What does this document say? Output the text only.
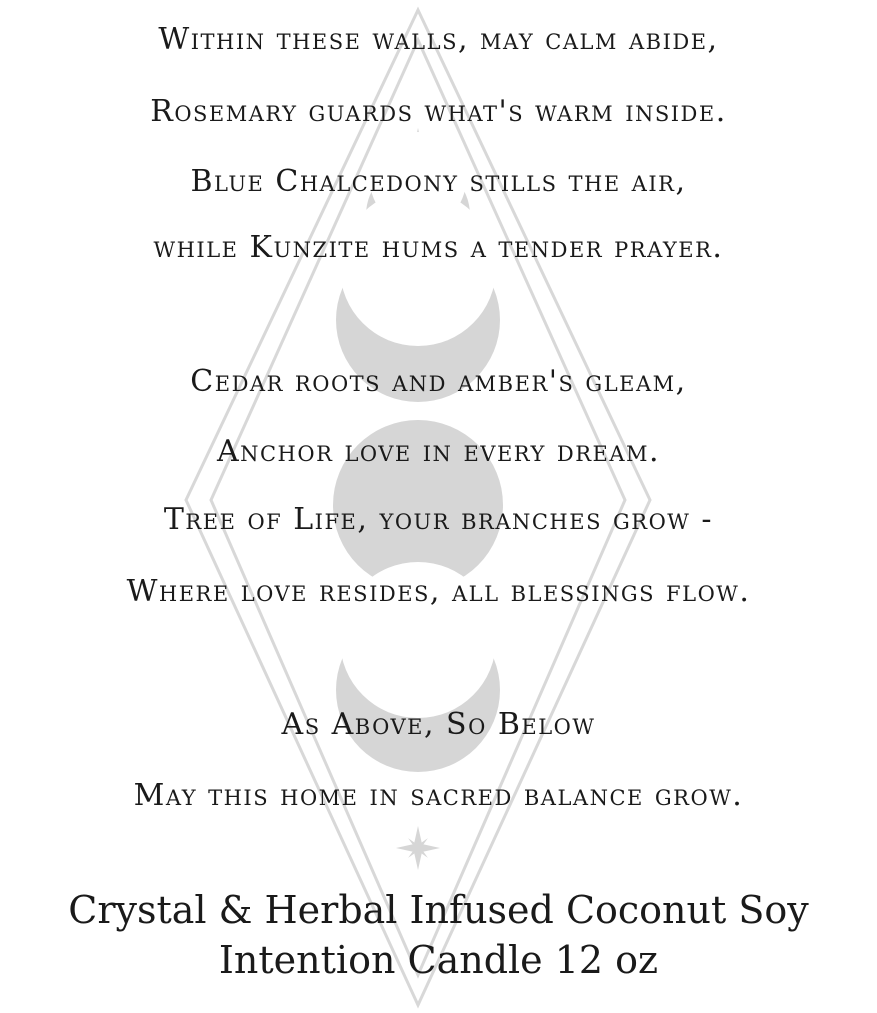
Within these walls, may calm abide,
Rosemary guards what's warm inside.
Blue Chalcedony stills the air,
while Kunzite hums a tender prayer.
Cedar roots and amber's gleam,
Anchor love in every dream.
Tree of Life, your branches grow -
Where love resides, all blessings flow.
As Above, So Below
May this home in sacred balance grow.
Crystal & Herbal Infused Coconut Soy
Intention Candle 12 oz
